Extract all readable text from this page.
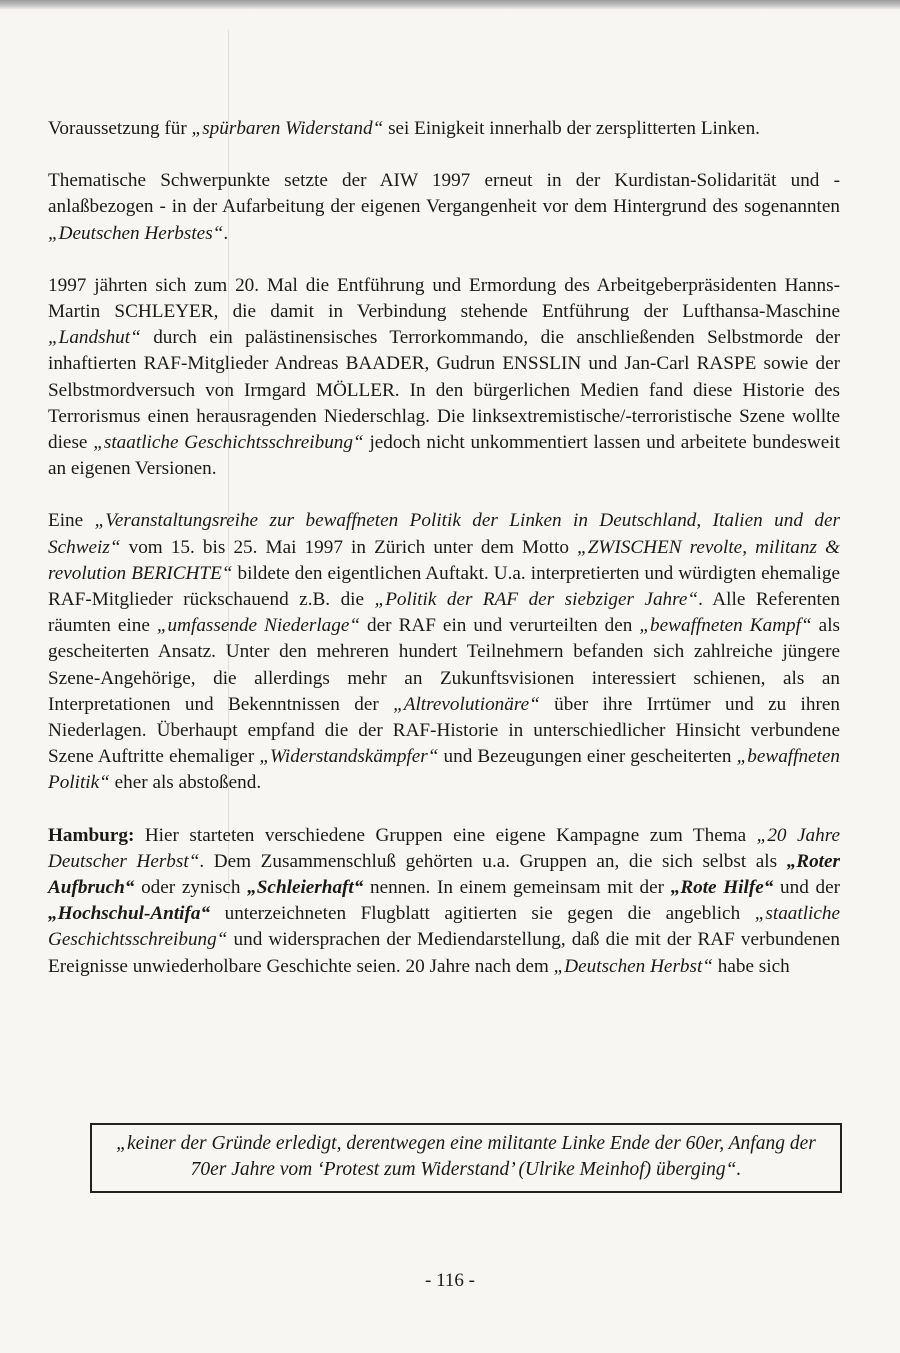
Voraussetzung für „spürbaren Widerstand“ sei Einigkeit innerhalb der zersplitterten Linken.

Thematische Schwerpunkte setzte der AIW 1997 erneut in der Kurdistan-Solidarität und - anlaßbezogen - in der Aufarbeitung der eigenen Vergangenheit vor dem Hintergrund des sogenannten „Deutschen Herbstes“.

1997 jährten sich zum 20. Mal die Entführung und Ermordung des Arbeitgeberpräsidenten Hanns-Martin SCHLEYER, die damit in Verbindung stehende Entführung der Lufthansa-Maschine „Landshut“ durch ein palästinensisches Terrorkommando, die anschließenden Selbstmorde der inhaftierten RAF-Mitglieder Andreas BAADER, Gudrun ENSSLIN und Jan-Carl RASPE sowie der Selbstmordversuch von Irmgard MÖLLER. In den bürgerlichen Medien fand diese Historie des Terrorismus einen herausragenden Niederschlag. Die linksextremistische/-terroristische Szene wollte diese „staatliche Geschichtsschreibung“ jedoch nicht unkommentiert lassen und arbeitete bundesweit an eigenen Versionen.

Eine „Veranstaltungsreihe zur bewaffneten Politik der Linken in Deutschland, Italien und der Schweiz“ vom 15. bis 25. Mai 1997 in Zürich unter dem Motto „ZWISCHEN revolte, militanz & revolution BERICHTE“ bildete den eigentlichen Auftakt. U.a. interpretierten und würdigten ehemalige RAF-Mitglieder rückschauend z.B. die „Politik der RAF der siebziger Jahre“. Alle Referenten räumten eine „umfassende Niederlage“ der RAF ein und verurteilten den „bewaffneten Kampf“ als gescheiterten Ansatz. Unter den mehreren hundert Teilnehmern befanden sich zahlreiche jüngere Szene-Angehörige, die allerdings mehr an Zukunftsvisionen interessiert schienen, als an Interpretationen und Bekenntnissen der „Altrevolutionäre“ über ihre Irrtümer und zu ihren Niederlagen. Überhaupt empfand die der RAF-Historie in unterschiedlicher Hinsicht verbundene Szene Auftritte ehemaliger „Widerstandskämpfer“ und Bezeugungen einer gescheiterten „bewaffneten Politik“ eher als abstoßend.

Hamburg: Hier starteten verschiedene Gruppen eine eigene Kampagne zum Thema „20 Jahre Deutscher Herbst“. Dem Zusammenschluß gehörten u.a. Gruppen an, die sich selbst als „Roter Aufbruch“ oder zynisch „Schleierhaft“ nennen. In einem gemeinsam mit der „Rote Hilfe“ und der „Hochschul-Antifa“ unterzeichneten Flugblatt agitierten sie gegen die angeblich „staatliche Geschichtsschreibung“ und widersprachen der Mediendarstellung, daß die mit der RAF verbundenen Ereignisse unwiederholbare Geschichte seien. 20 Jahre nach dem „Deutschen Herbst“ habe sich

„keiner der Gründe erledigt, derentwegen eine militante Linke Ende der 60er, Anfang der 70er Jahre vom ‘Protest zum Widerstand’ (Ulrike Meinhof) überging“.
- 116 -
